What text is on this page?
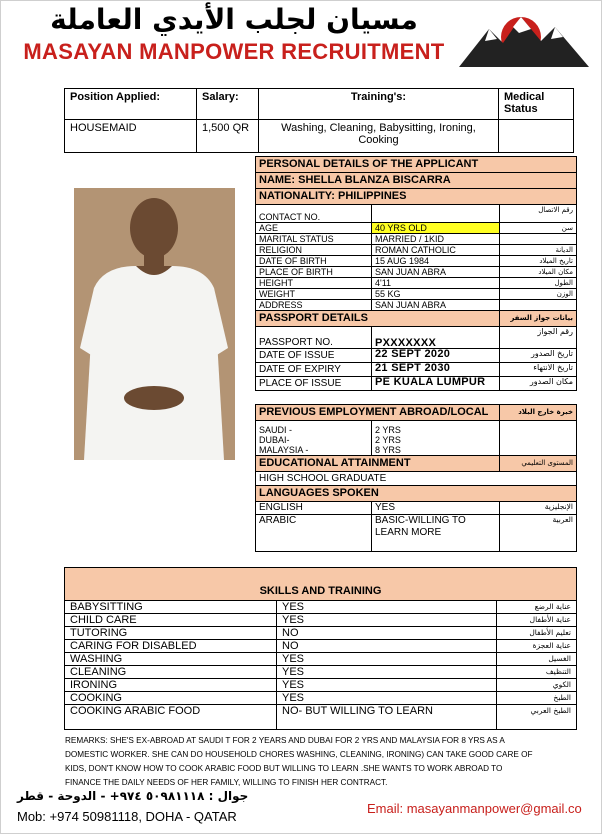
مسيان لجلب الأيدي العاملة
MASAYAN MANPOWER RECRUITMENT
Position Applied:	Salary:	Training's:	Medical Status
HOUSEMAID	1,500 QR	Washing, Cleaning, Babysitting, Ironing, Cooking	
PERSONAL DETAILS OF THE APPLICANT		
NAME: SHELLA BLANZA BISCARRA		
NATIONALITY: PHILIPPINES		
CONTACT NO.		رقم الاتصال
AGE	40 YRS OLD	سن
MARITAL STATUS	MARRIED / 1KID	
RELIGION	ROMAN CATHOLIC	الديانة
DATE OF BIRTH	15 AUG 1984	تاريخ الميلاد
PLACE OF BIRTH	SAN JUAN ABRA	مكان الميلاد
HEIGHT	4'11	الطول
WEIGHT	55 KG	الوزن
ADDRESS	SAN JUAN ABRA	
PASSPORT DETAILS		بيانات جواز السفر
PASSPORT NO.	PXXXXXXX	رقم الجواز
DATE OF ISSUE	22 SEPT 2020	تاريخ الصدور
DATE OF EXPIRY	21 SEPT 2030	تاريخ الانتهاء
PLACE OF ISSUE	PE KUALA LUMPUR	مكان الصدور

PREVIOUS EMPLOYMENT ABROAD/LOCAL		خبرة خارج البلاد
SAUDI -	2 YRS	
DUBAI-	2 YRS	
MALAYSIA -	8 YRS	
EDUCATIONAL ATTAINMENT		المستوى التعليمي
HIGH SCHOOL GRADUATE		
LANGUAGES SPOKEN		
ENGLISH	YES	الإنجليزية
ARABIC	BASIC-WILLING TO LEARN MORE	العربية
SKILLS AND TRAINING		
BABYSITTING	YES	عناية الرضع
CHILD CARE	YES	عناية الأطفال
TUTORING	NO	تعليم الأطفال
CARING FOR DISABLED	NO	عناية العجزة
WASHING	YES	الغسيل
CLEANING	YES	التنظيف
IRONING	YES	الكوي
COOKING	YES	الطبخ
COOKING ARABIC FOOD	NO- BUT WILLING TO LEARN	الطبخ العربي
REMARKS: SHE'S EX-ABROAD AT SAUDI T FOR 2 YEARS AND DUBAI FOR 2 YRS AND MALAYSIA FOR 8 YRS AS A DOMESTIC WORKER. SHE CAN DO HOUSEHOLD CHORES WASHING, CLEANING, IRONING) CAN TAKE GOOD CARE OF KIDS, DON'T KNOW HOW TO COOK ARABIC FOOD BUT WILLING TO LEARN .SHE WANTS TO WORK ABROAD TO FINANCE THE DAILY NEEDS OF HER FAMILY, WILLING TO FINISH HER CONTRACT.
جوال : ٥٠٩٨١١١٨ ٩٧٤+ - الدوحة - قطر
Mob: +974 50981118, DOHA - QATAR
Email: masayanmanpower@gmail.co
